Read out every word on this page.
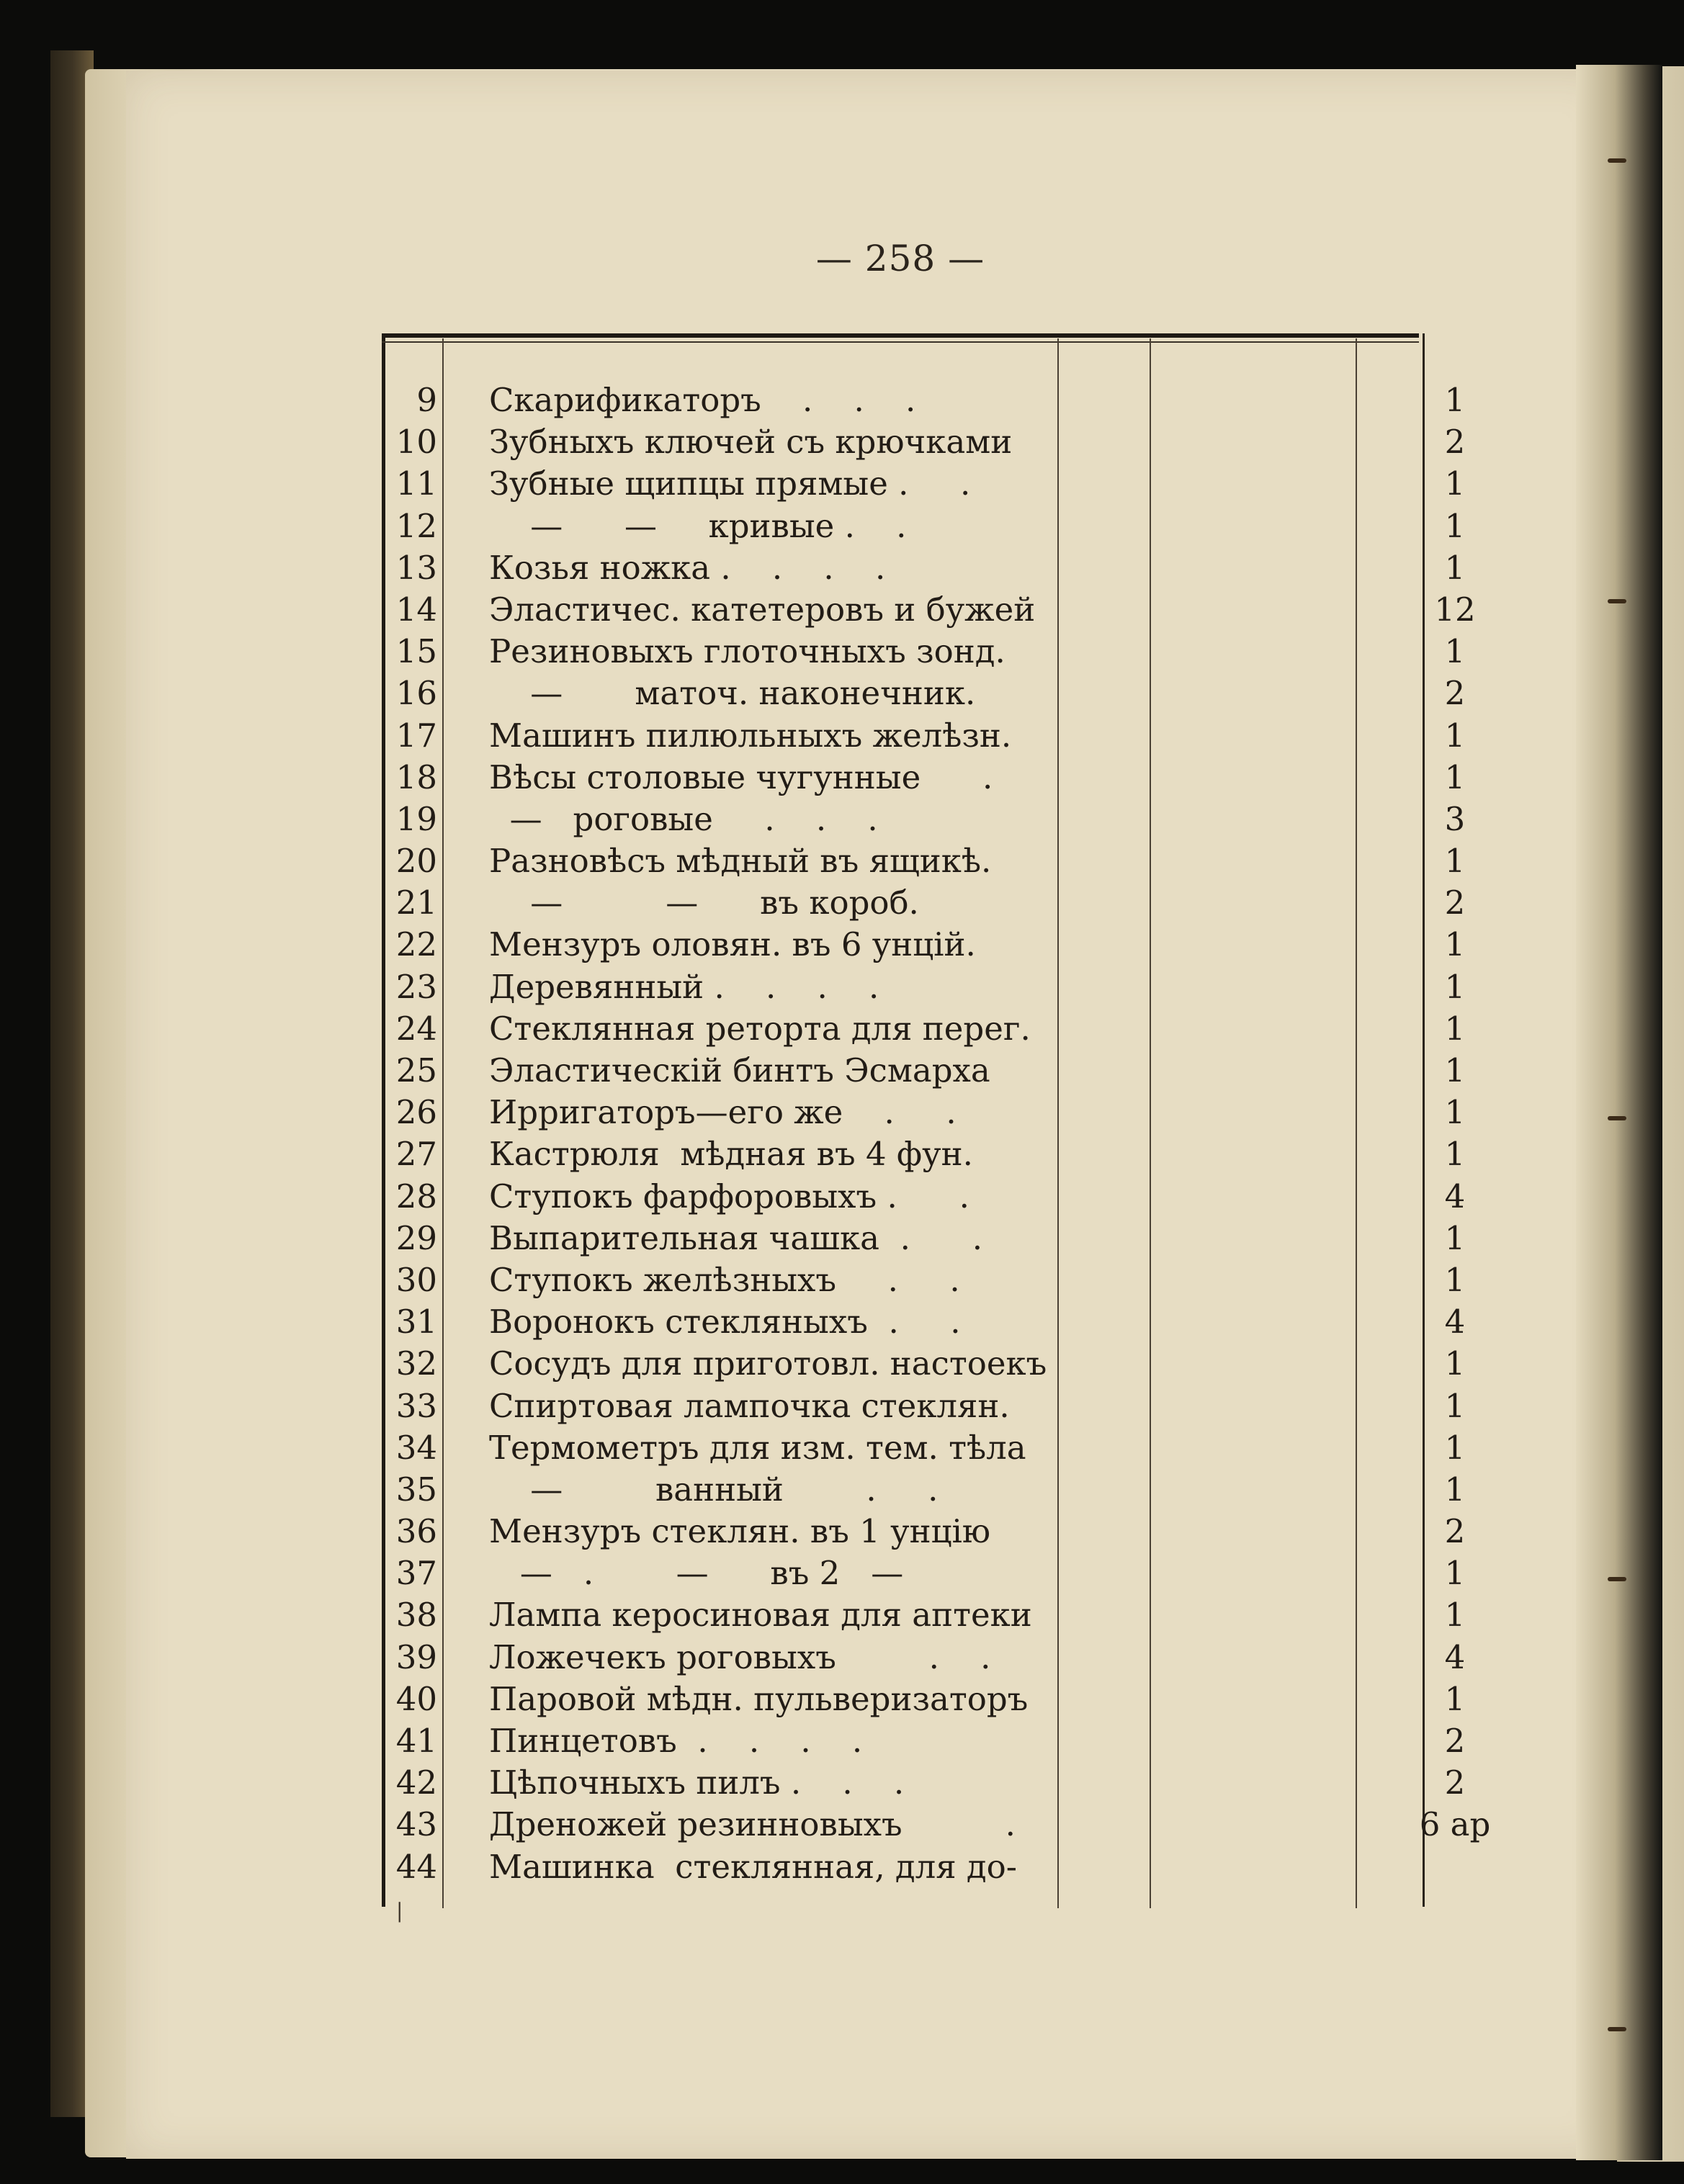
— 258 —
9 Скарификаторъ    .    .    .	1
10 Зубныхъ ключей съ крючками	2
11 Зубные щипцы прямые .     .	1
12 —      —     кривые .    .	1
13 Козья ножка .    .    .    .	1
14 Эластичес. катетеровъ и бужей	12
15 Резиновыхъ глоточныхъ зонд.	1
16 —       маточ. наконечник.	2
17 Машинъ пилюльныхъ желѣзн.	1
18 Вѣсы столовые чугунные      .	1
19 —   роговые     .    .    .	3
20 Разновѣсъ мѣдный въ ящикѣ.	1
21 —          —      въ короб.	2
22 Мензуръ оловян. въ 6 унцій.	1
23 Деревянный .    .    .    .	1
24 Стеклянная реторта для перег.	1
25 Эластическій бинтъ Эсмарха	1
26 Ирригаторъ—его же    .     .	1
27 Кастрюля  мѣдная въ 4 фун.	1
28 Ступокъ фарфоровыхъ .      .	4
29 Выпарительная чашка  .      .	1
30 Ступокъ желѣзныхъ     .     .	1
31 Воронокъ стекляныхъ  .     .	4
32 Сосудъ для приготовл. настоекъ	1
33 Спиртовая лампочка стеклян.	1
34 Термометръ для изм. тем. тѣла	1
35 —         ванный        .     .	1
36 Мензуръ стеклян. въ 1 унцію	2
37 —   .        —      въ 2   —	1
38 Лампа керосиновая для аптеки	1
39 Ложечекъ роговыхъ         .    .	4
40 Паровой мѣдн. пульверизаторъ	1
41 Пинцетовъ  .    .    .    .	2
42 Цѣпочныхъ пилъ .    .    .	2
43 Дреножей резинновыхъ          .	6 ар
44 Машинка  стеклянная, для до-
|
